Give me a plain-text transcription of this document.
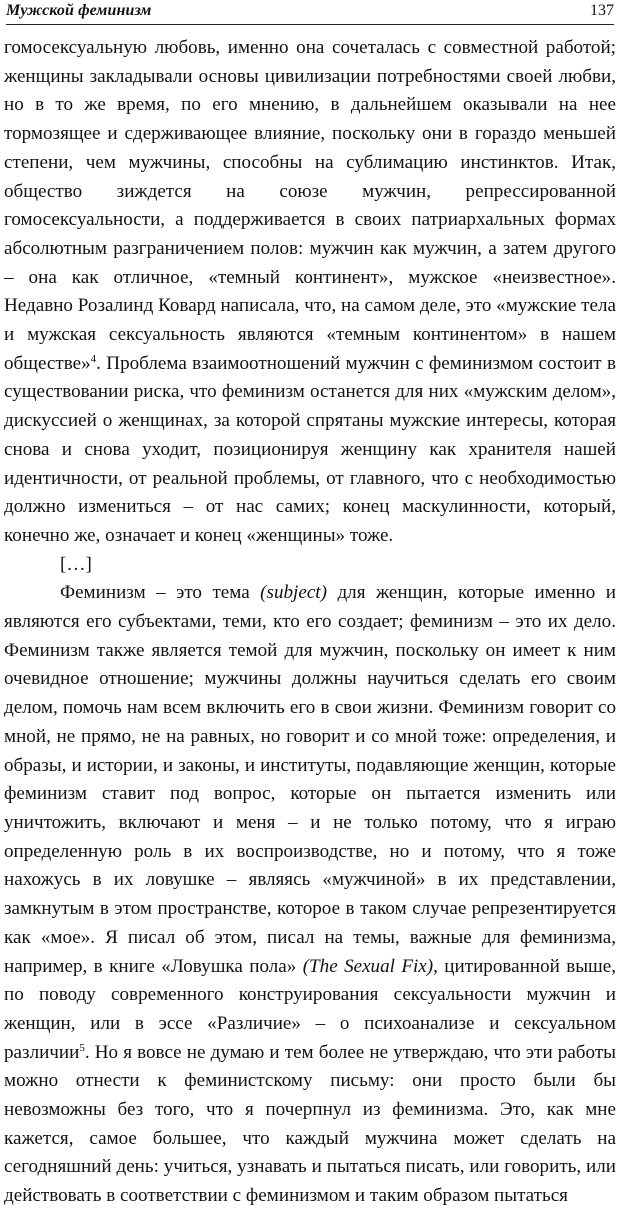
Мужской феминизм	137

гомосексуальную любовь, именно она сочеталась с совместной работой; женщины закладывали основы цивилизации потребностями своей любви, но в то же время, по его мнению, в дальнейшем оказывали на нее тормозящее и сдерживающее влияние, поскольку они в гораздо меньшей степени, чем мужчины, способны на сублимацию инстинктов. Итак, общество зиждется на союзе мужчин, репрессированной гомосексуальности, а поддерживается в своих патриархальных формах абсолютным разграничением полов: мужчин как мужчин, а затем другого – она как отличное, «темный континент», мужское «неизвестное». Недавно Розалинд Ковард написала, что, на самом деле, это «мужские тела и мужская сексуальность являются «темным континентом» в нашем обществе»$^4$. Проблема взаимоотношений мужчин с феминизмом состоит в существовании риска, что феминизм останется для них «мужским делом», дискуссией о женщинах, за которой спрятаны мужские интересы, которая снова и снова уходит, позиционируя женщину как хранителя нашей идентичности, от реальной проблемы, от главного, что с необходимостью должно измениться – от нас самих; конец маскулинности, который, конечно же, означает и конец «женщины» тоже.

[…]

Феминизм – это тема (subject) для женщин, которые именно и являются его субъектами, теми, кто его создает; феминизм – это их дело. Феминизм также является темой для мужчин, поскольку он имеет к ним очевидное отношение; мужчины должны научиться сделать его своим делом, помочь нам всем включить его в свои жизни. Феминизм говорит со мной, не прямо, не на равных, но говорит и со мной тоже: определения, и образы, и истории, и законы, и институты, подавляющие женщин, которые феминизм ставит под вопрос, которые он пытается изменить или уничтожить, включают и меня – и не только потому, что я играю определенную роль в их воспроизводстве, но и потому, что я тоже нахожусь в их ловушке – являясь «мужчиной» в их представлении, замкнутым в этом пространстве, которое в таком случае репрезентируется как «мое». Я писал об этом, писал на темы, важные для феминизма, например, в книге «Ловушка пола» (The Sexual Fix), цитированной выше, по поводу современного конструирования сексуальности мужчин и женщин, или в эссе «Различие» – о психоанализе и сексуальном различии$^5$. Но я вовсе не думаю и тем более не утверждаю, что эти работы можно отнести к феминистскому письму: они просто были бы невозможны без того, что я почерпнул из феминизма. Это, как мне кажется, самое большее, что каждый мужчина может сделать на сегодняшний день: учиться, узнавать и пытаться писать, или говорить, или действовать в соответствии с феминизмом и таким образом пытаться
